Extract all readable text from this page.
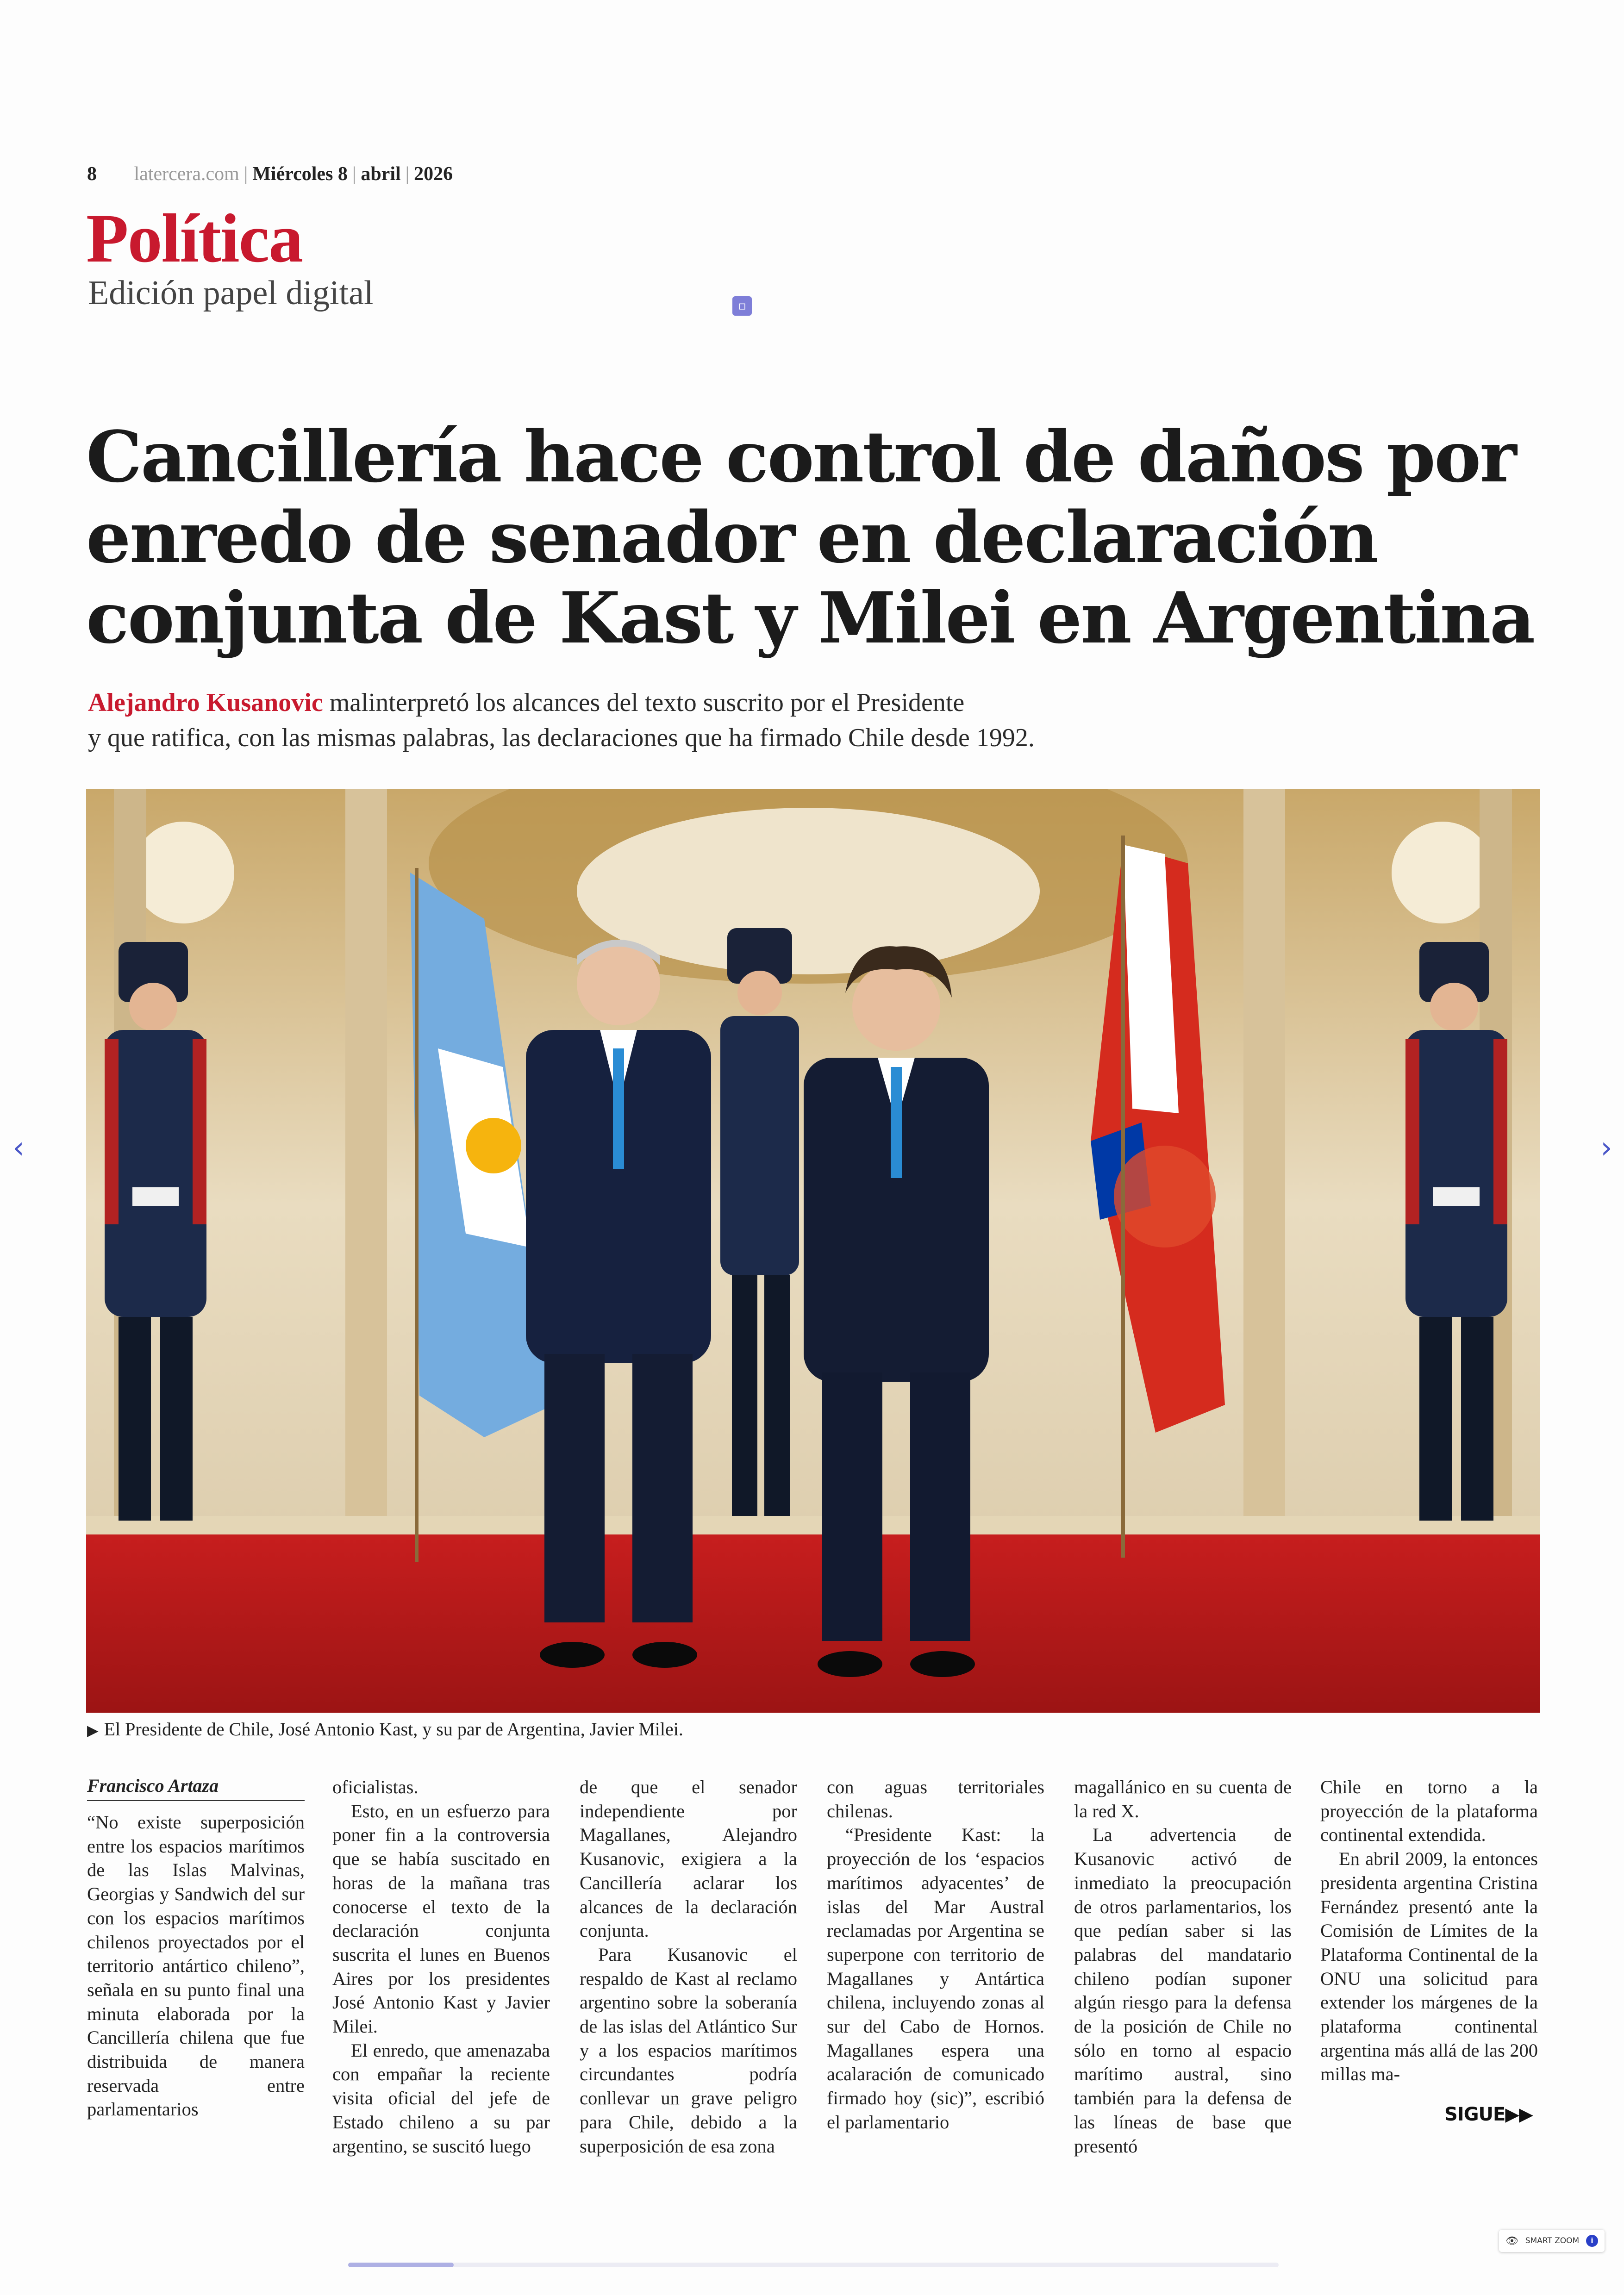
8 latercera.com | Miércoles 8 | abril | 2026
Política
Edición papel digital	▫
Cancillería hace control de daños por
enredo de senador en declaración
conjunta de Kast y Milei en Argentina
Alejandro Kusanovic malinterpretó los alcances del texto suscrito por el Presidente
y que ratifica, con las mismas palabras, las declaraciones que ha firmado Chile desde 1992.
‹	›
▶ El Presidente de Chile, José Antonio Kast, y su par de Argentina, Javier Milei.
Francisco Artaza

“No existe superposición entre los espacios marítimos de las Islas Malvinas, Georgias y Sandwich del sur con los espacios marítimos chilenos proyectados por el territorio antártico chileno”, señala en su punto final una minuta elaborada por la Cancillería chilena que fue distribuida de manera reservada entre parlamentarios

oficialistas.

Esto, en un esfuerzo para poner fin a la controversia que se había suscitado en horas de la mañana tras conocerse el texto de la declaración conjunta suscrita el lunes en Buenos Aires por los presidentes José Antonio Kast y Javier Milei.

El enredo, que amenazaba con empañar la reciente visita oficial del jefe de Estado chileno a su par argentino, se suscitó luego

de que el senador independiente por Magallanes, Alejandro Kusanovic, exigiera a la Cancillería aclarar los alcances de la declaración conjunta.

Para Kusanovic el respaldo de Kast al reclamo argentino sobre la soberanía de las islas del Atlántico Sur y a los espacios marítimos circundantes podría conllevar un grave peligro para Chile, debido a la superposición de esa zona

con aguas territoriales chilenas.

“Presidente Kast: la proyección de los ‘espacios marítimos adyacentes’ de islas del Mar Austral reclamadas por Argentina se superpone con territorio de Magallanes y Antártica chilena, incluyendo zonas al sur del Cabo de Hornos. Magallanes espera una acalaración de comunicado firmado hoy (sic)”, escribió el parlamentario

magallánico en su cuenta de la red X.

La advertencia de Kusanovic activó de inmediato la preocupación de otros parlamentarios, los que pedían saber si las palabras del mandatario chileno podían suponer algún riesgo para la defensa de la posición de Chile no sólo en torno al espacio marítimo austral, sino también para la defensa de las líneas de base que presentó

Chile en torno a la proyección de la plataforma continental extendida.

En abril 2009, la entonces presidenta argentina Cristina Fernández presentó ante la Comisión de Límites de la Plataforma Continental de la ONU una solicitud para extender los márgenes de la plataforma continental argentina más allá de las 200 millas ma-

SIGUE▶▶
👁 SMART ZOOM	i
